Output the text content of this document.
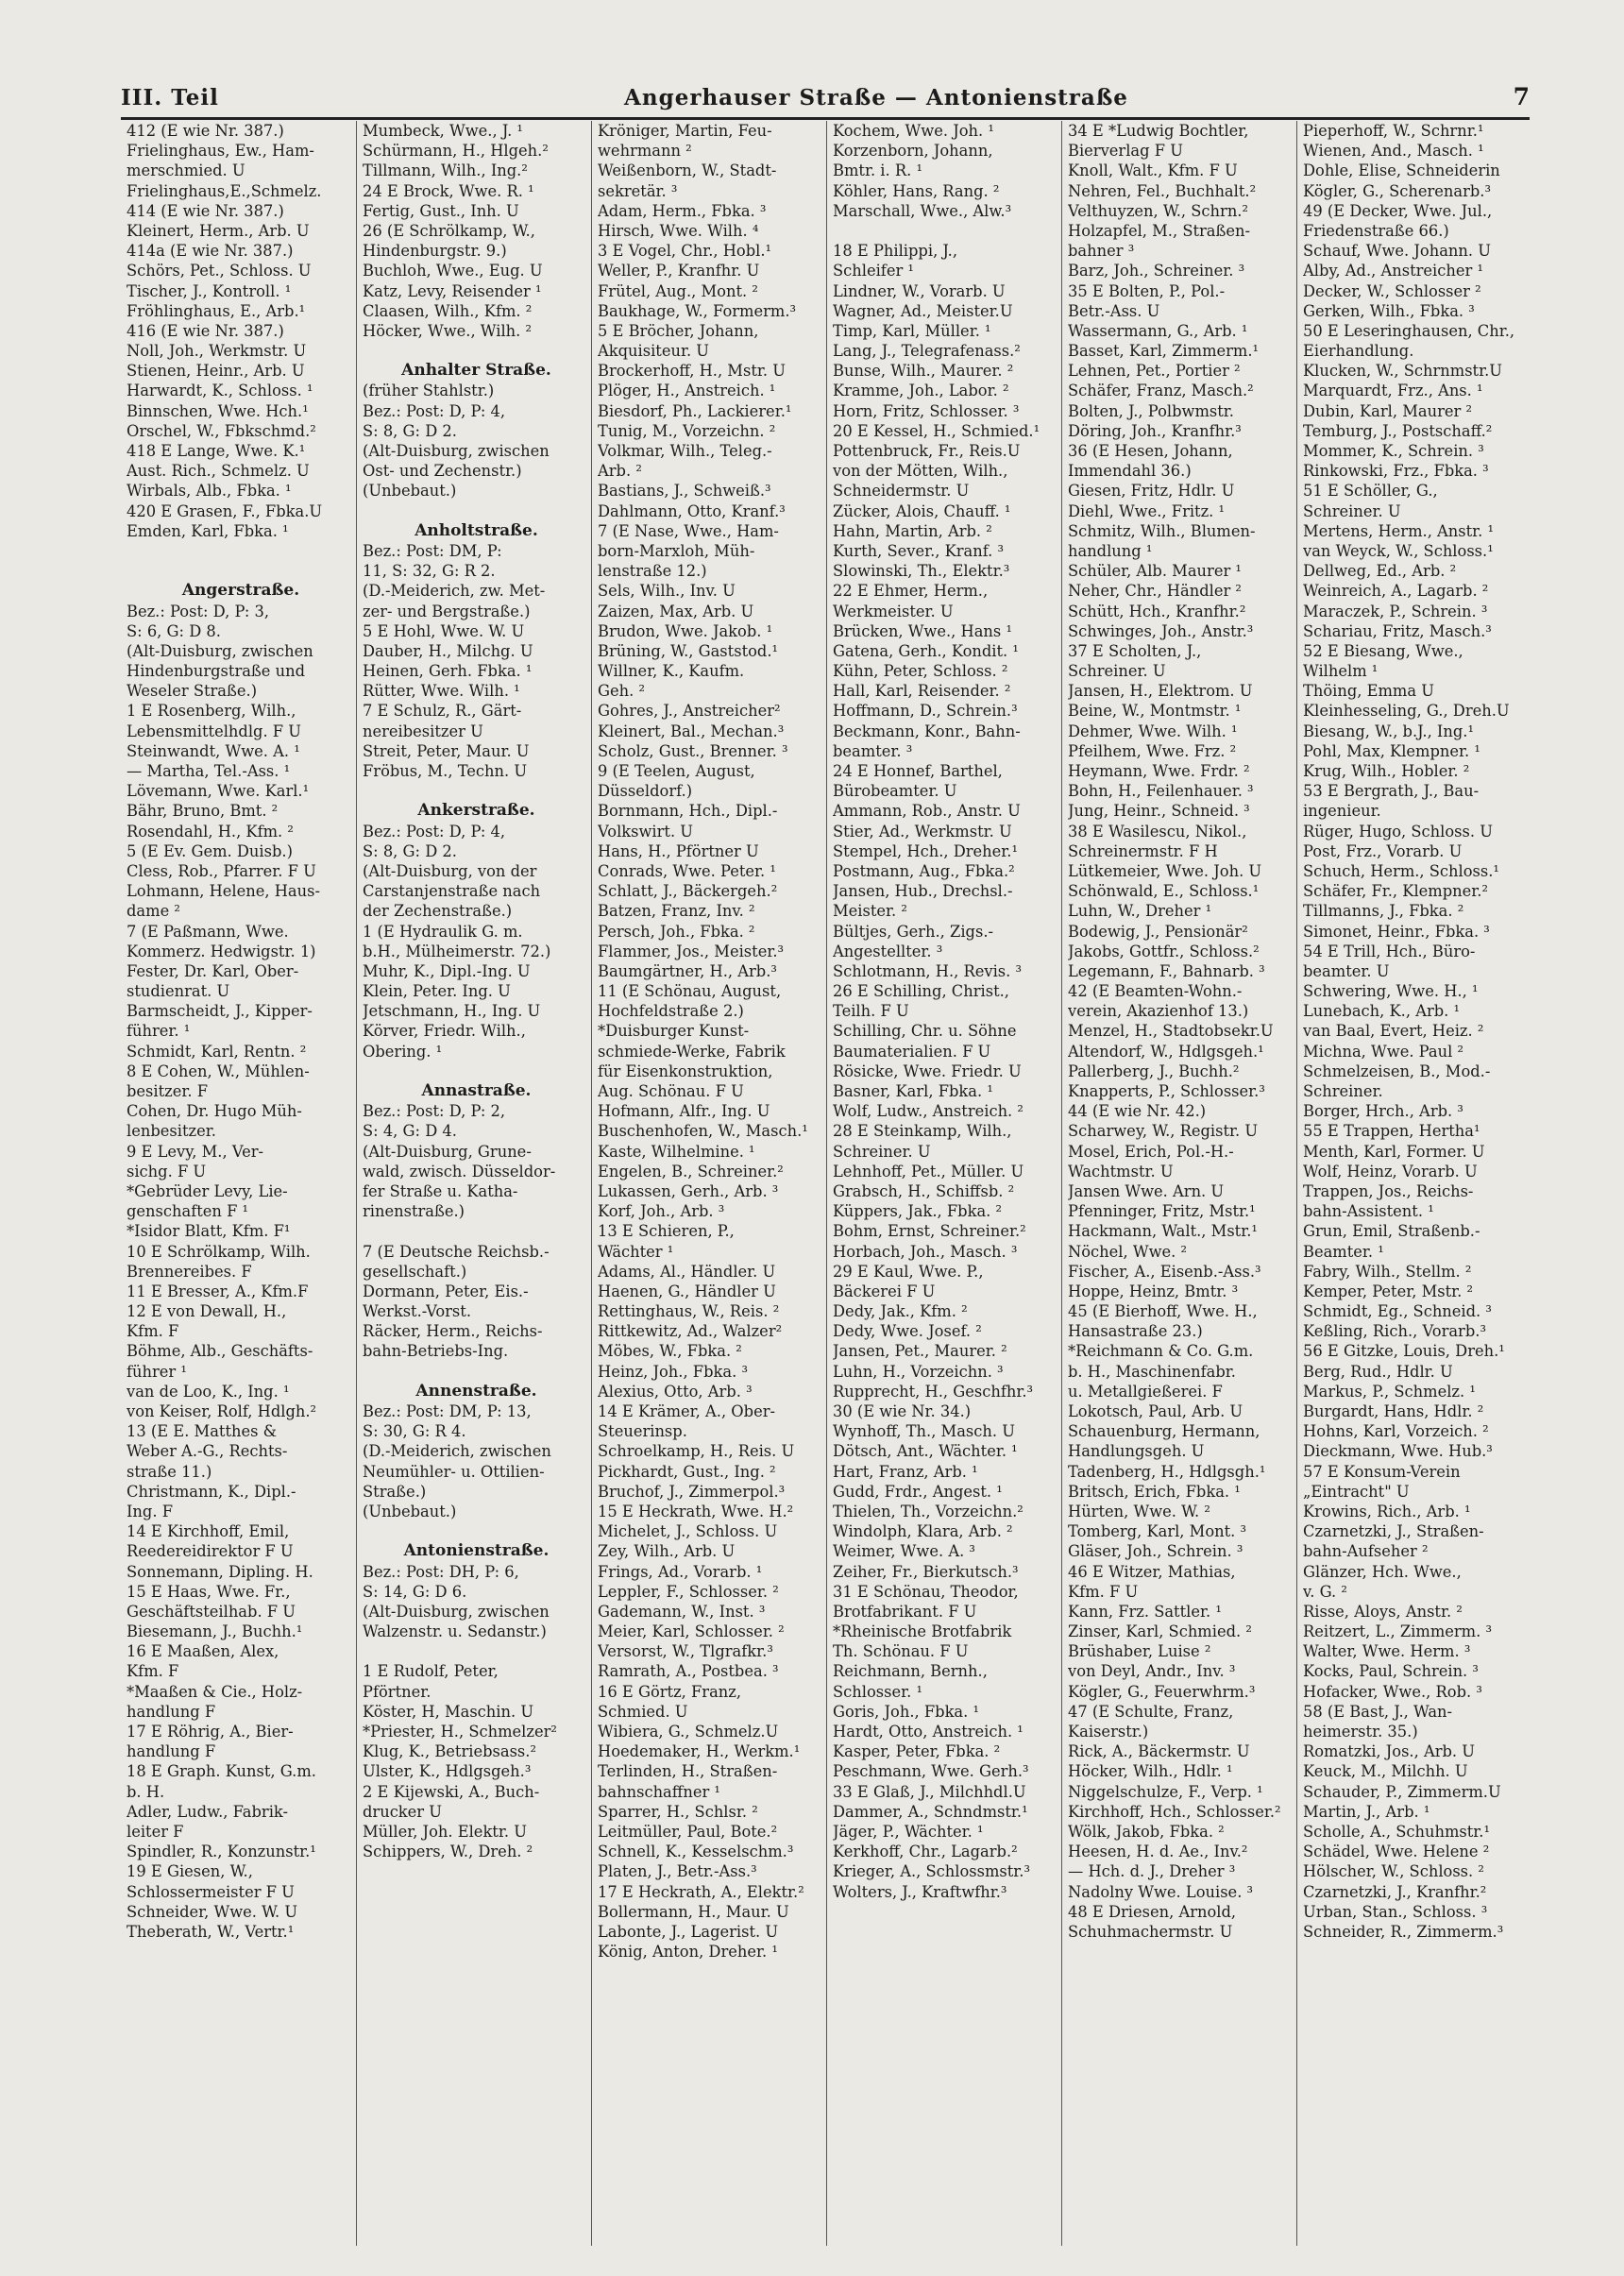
III. Teil	Angerhauser Straße — Antonienstraße	7
412 (E wie Nr. 387.)
Frielinghaus, Ew., Ham-
merschmied. U
Frielinghaus,E.,Schmelz.
414 (E wie Nr. 387.)
Kleinert, Herm., Arb. U
414a (E wie Nr. 387.)
Schörs, Pet., Schloss. U
Tischer, J., Kontroll. ¹
Fröhlinghaus, E., Arb.¹
416 (E wie Nr. 387.)
Noll, Joh., Werkmstr. U
Stienen, Heinr., Arb. U
Harwardt, K., Schloss. ¹
Binnschen, Wwe. Hch.¹
Orschel, W., Fbkschmd.²
418 E Lange, Wwe. K.¹
Aust. Rich., Schmelz. U
Wirbals, Alb., Fbka. ¹
420 E Grasen, F., Fbka.U
Emden, Karl, Fbka. ¹
Angerstraße.
Bez.: Post: D, P: 3,
S: 6, G: D 8.
(Alt-Duisburg, zwischen
Hindenburgstraße und
Weseler Straße.)
1 E Rosenberg, Wilh.,
Lebensmittelhdlg. F U
Steinwandt, Wwe. A. ¹
— Martha, Tel.-Ass. ¹
Lövemann, Wwe. Karl.¹
Bähr, Bruno, Bmt. ²
Rosendahl, H., Kfm. ²
5 (E Ev. Gem. Duisb.)
Cless, Rob., Pfarrer. F U
Lohmann, Helene, Haus-
dame ²
7 (E Paßmann, Wwe.
Kommerz. Hedwigstr. 1)
Fester, Dr. Karl, Ober-
studienrat. U
Barmscheidt, J., Kipper-
führer. ¹
Schmidt, Karl, Rentn. ²
8 E Cohen, W., Mühlen-
besitzer. F
Cohen, Dr. Hugo Müh-
lenbesitzer.
9 E Levy, M., Ver-
sichg. F U
*Gebrüder Levy, Lie-
genschaften F ¹
*Isidor Blatt, Kfm. F¹
10 E Schrölkamp, Wilh.
Brennereibes. F
11 E Bresser, A., Kfm.F
12 E von Dewall, H.,
Kfm. F
Böhme, Alb., Geschäfts-
führer ¹
van de Loo, K., Ing. ¹
von Keiser, Rolf, Hdlgh.²
13 (E E. Matthes &
Weber A.-G., Rechts-
straße 11.)
Christmann, K., Dipl.-
Ing. F
14 E Kirchhoff, Emil,
Reedereidirektor F U
Sonnemann, Dipling. H.
15 E Haas, Wwe. Fr.,
Geschäftsteilhab. F U
Biesemann, J., Buchh.¹
16 E Maaßen, Alex,
Kfm. F
*Maaßen & Cie., Holz-
handlung F
17 E Röhrig, A., Bier-
handlung F
18 E Graph. Kunst, G.m.
b. H.
Adler, Ludw., Fabrik-
leiter F
Spindler, R., Konzunstr.¹
19 E Giesen, W.,
Schlossermeister F U
Schneider, Wwe. W. U
Theberath, W., Vertr.¹
Mumbeck, Wwe., J. ¹
Schürmann, H., Hlgeh.²
Tillmann, Wilh., Ing.²
24 E Brock, Wwe. R. ¹
Fertig, Gust., Inh. U
26 (E Schrölkamp, W.,
Hindenburgstr. 9.)
Buchloh, Wwe., Eug. U
Katz, Levy, Reisender ¹
Claasen, Wilh., Kfm. ²
Höcker, Wwe., Wilh. ²
Anhalter Straße.
(früher Stahlstr.)
Bez.: Post: D, P: 4,
S: 8, G: D 2.
(Alt-Duisburg, zwischen
Ost- und Zechenstr.)
(Unbebaut.)
Anholtstraße.
Bez.: Post: DM, P:
11, S: 32, G: R 2.
(D.-Meiderich, zw. Met-
zer- und Bergstraße.)
5 E Hohl, Wwe. W. U
Dauber, H., Milchg. U
Heinen, Gerh. Fbka. ¹
Rütter, Wwe. Wilh. ¹
7 E Schulz, R., Gärt-
nereibesitzer U
Streit, Peter, Maur. U
Fröbus, M., Techn. U
Ankerstraße.
Bez.: Post: D, P: 4,
S: 8, G: D 2.
(Alt-Duisburg, von der
Carstanjenstraße nach
der Zechenstraße.)
1 (E Hydraulik G. m.
b.H., Mülheimerstr. 72.)
Muhr, K., Dipl.-Ing. U
Klein, Peter. Ing. U
Jetschmann, H., Ing. U
Körver, Friedr. Wilh.,
Obering. ¹
Annastraße.
Bez.: Post: D, P: 2,
S: 4, G: D 4.
(Alt-Duisburg, Grune-
wald, zwisch. Düsseldor-
fer Straße u. Katha-
rinenstraße.)
7 (E Deutsche Reichsb.-
gesellschaft.)
Dormann, Peter, Eis.-
Werkst.-Vorst.
Räcker, Herm., Reichs-
bahn-Betriebs-Ing.
Annenstraße.
Bez.: Post: DM, P: 13,
S: 30, G: R 4.
(D.-Meiderich, zwischen
Neumühler- u. Ottilien-
Straße.)
(Unbebaut.)
Antonienstraße.
Bez.: Post: DH, P: 6,
S: 14, G: D 6.
(Alt-Duisburg, zwischen
Walzenstr. u. Sedanstr.)
1 E Rudolf, Peter,
Pförtner.
Köster, H, Maschin. U
*Priester, H., Schmelzer²
Klug, K., Betriebsass.²
Ulster, K., Hdlgsgeh.³
2 E Kijewski, A., Buch-
drucker U
Müller, Joh. Elektr. U
Schippers, W., Dreh. ²
Kröniger, Martin, Feu-
wehrmann ²
Weißenborn, W., Stadt-
sekretär. ³
Adam, Herm., Fbka. ³
Hirsch, Wwe. Wilh. ⁴
3 E Vogel, Chr., Hobl.¹
Weller, P., Kranfhr. U
Frütel, Aug., Mont. ²
Baukhage, W., Formerm.³
5 E Bröcher, Johann,
Akquisiteur. U
Brockerhoff, H., Mstr. U
Plöger, H., Anstreich. ¹
Biesdorf, Ph., Lackierer.¹
Tunig, M., Vorzeichn. ²
Volkmar, Wilh., Teleg.-
Arb. ²
Bastians, J., Schweiß.³
Dahlmann, Otto, Kranf.³
7 (E Nase, Wwe., Ham-
born-Marxloh, Müh-
lenstraße 12.)
Sels, Wilh., Inv. U
Zaizen, Max, Arb. U
Brudon, Wwe. Jakob. ¹
Brüning, W., Gaststod.¹
Willner, K., Kaufm.
Geh. ²
Gohres, J., Anstreicher²
Kleinert, Bal., Mechan.³
Scholz, Gust., Brenner. ³
9 (E Teelen, August,
Düsseldorf.)
Bornmann, Hch., Dipl.-
Volkswirt. U
Hans, H., Pförtner U
Conrads, Wwe. Peter. ¹
Schlatt, J., Bäckergeh.²
Batzen, Franz, Inv. ²
Persch, Joh., Fbka. ²
Flammer, Jos., Meister.³
Baumgärtner, H., Arb.³
11 (E Schönau, August,
Hochfeldstraße 2.)
*Duisburger Kunst-
schmiede-Werke, Fabrik
für Eisenkonstruktion,
Aug. Schönau. F U
Hofmann, Alfr., Ing. U
Buschenhofen, W., Masch.¹
Kaste, Wilhelmine. ¹
Engelen, B., Schreiner.²
Lukassen, Gerh., Arb. ³
Korf, Joh., Arb. ³
13 E Schieren, P.,
Wächter ¹
Adams, Al., Händler. U
Haenen, G., Händler U
Rettinghaus, W., Reis. ²
Rittkewitz, Ad., Walzer²
Möbes, W., Fbka. ²
Heinz, Joh., Fbka. ³
Alexius, Otto, Arb. ³
14 E Krämer, A., Ober-
Steuerinsp.
Schroelkamp, H., Reis. U
Pickhardt, Gust., Ing. ²
Bruchof, J., Zimmerpol.³
15 E Heckrath, Wwe. H.²
Michelet, J., Schloss. U
Zey, Wilh., Arb. U
Frings, Ad., Vorarb. ¹
Leppler, F., Schlosser. ²
Gademann, W., Inst. ³
Meier, Karl, Schlosser. ²
Versorst, W., Tlgrafkr.³
Ramrath, A., Postbea. ³
16 E Görtz, Franz,
Schmied. U
Wibiera, G., Schmelz.U
Hoedemaker, H., Werkm.¹
Terlinden, H., Straßen-
bahnschaffner ¹
Sparrer, H., Schlsr. ²
Leitmüller, Paul, Bote.²
Schnell, K., Kesselschm.³
Platen, J., Betr.-Ass.³
17 E Heckrath, A., Elektr.²
Bollermann, H., Maur. U
Labonte, J., Lagerist. U
König, Anton, Dreher. ¹
Kochem, Wwe. Joh. ¹
Korzenborn, Johann,
Bmtr. i. R. ¹
Köhler, Hans, Rang. ²
Marschall, Wwe., Alw.³
18 E Philippi, J.,
Schleifer ¹
Lindner, W., Vorarb. U
Wagner, Ad., Meister.U
Timp, Karl, Müller. ¹
Lang, J., Telegrafenass.²
Bunse, Wilh., Maurer. ²
Kramme, Joh., Labor. ²
Horn, Fritz, Schlosser. ³
20 E Kessel, H., Schmied.¹
Pottenbruck, Fr., Reis.U
von der Mötten, Wilh.,
Schneidermstr. U
Zücker, Alois, Chauff. ¹
Hahn, Martin, Arb. ²
Kurth, Sever., Kranf. ³
Slowinski, Th., Elektr.³
22 E Ehmer, Herm.,
Werkmeister. U
Brücken, Wwe., Hans ¹
Gatena, Gerh., Kondit. ¹
Kühn, Peter, Schloss. ²
Hall, Karl, Reisender. ²
Hoffmann, D., Schrein.³
Beckmann, Konr., Bahn-
beamter. ³
24 E Honnef, Barthel,
Bürobeamter. U
Ammann, Rob., Anstr. U
Stier, Ad., Werkmstr. U
Stempel, Hch., Dreher.¹
Postmann, Aug., Fbka.²
Jansen, Hub., Drechsl.-
Meister. ²
Bültjes, Gerh., Zigs.-
Angestellter. ³
Schlotmann, H., Revis. ³
26 E Schilling, Christ.,
Teilh. F U
Schilling, Chr. u. Söhne
Baumaterialien. F U
Rösicke, Wwe. Friedr. U
Basner, Karl, Fbka. ¹
Wolf, Ludw., Anstreich. ²
28 E Steinkamp, Wilh.,
Schreiner. U
Lehnhoff, Pet., Müller. U
Grabsch, H., Schiffsb. ²
Küppers, Jak., Fbka. ²
Bohm, Ernst, Schreiner.²
Horbach, Joh., Masch. ³
29 E Kaul, Wwe. P.,
Bäckerei F U
Dedy, Jak., Kfm. ²
Dedy, Wwe. Josef. ²
Jansen, Pet., Maurer. ²
Luhn, H., Vorzeichn. ³
Rupprecht, H., Geschfhr.³
30 (E wie Nr. 34.)
Wynhoff, Th., Masch. U
Dötsch, Ant., Wächter. ¹
Hart, Franz, Arb. ¹
Gudd, Frdr., Angest. ¹
Thielen, Th., Vorzeichn.²
Windolph, Klara, Arb. ²
Weimer, Wwe. A. ³
Zeiher, Fr., Bierkutsch.³
31 E Schönau, Theodor,
Brotfabrikant. F U
*Rheinische Brotfabrik
Th. Schönau. F U
Reichmann, Bernh.,
Schlosser. ¹
Goris, Joh., Fbka. ¹
Hardt, Otto, Anstreich. ¹
Kasper, Peter, Fbka. ²
Peschmann, Wwe. Gerh.³
33 E Glaß, J., Milchhdl.U
Dammer, A., Schndmstr.¹
Jäger, P., Wächter. ¹
Kerkhoff, Chr., Lagarb.²
Krieger, A., Schlossmstr.³
Wolters, J., Kraftwfhr.³
34 E *Ludwig Bochtler,
Bierverlag F U
Knoll, Walt., Kfm. F U
Nehren, Fel., Buchhalt.²
Velthuyzen, W., Schrn.²
Holzapfel, M., Straßen-
bahner ³
Barz, Joh., Schreiner. ³
35 E Bolten, P., Pol.-
Betr.-Ass. U
Wassermann, G., Arb. ¹
Basset, Karl, Zimmerm.¹
Lehnen, Pet., Portier ²
Schäfer, Franz, Masch.²
Bolten, J., Polbwmstr.
Döring, Joh., Kranfhr.³
36 (E Hesen, Johann,
Immendahl 36.)
Giesen, Fritz, Hdlr. U
Diehl, Wwe., Fritz. ¹
Schmitz, Wilh., Blumen-
handlung ¹
Schüler, Alb. Maurer ¹
Neher, Chr., Händler ²
Schütt, Hch., Kranfhr.²
Schwinges, Joh., Anstr.³
37 E Scholten, J.,
Schreiner. U
Jansen, H., Elektrom. U
Beine, W., Montmstr. ¹
Dehmer, Wwe. Wilh. ¹
Pfeilhem, Wwe. Frz. ²
Heymann, Wwe. Frdr. ²
Bohn, H., Feilenhauer. ³
Jung, Heinr., Schneid. ³
38 E Wasilescu, Nikol.,
Schreinermstr. F H
Lütkemeier, Wwe. Joh. U
Schönwald, E., Schloss.¹
Luhn, W., Dreher ¹
Bodewig, J., Pensionär²
Jakobs, Gottfr., Schloss.²
Legemann, F., Bahnarb. ³
42 (E Beamten-Wohn.-
verein, Akazienhof 13.)
Menzel, H., Stadtobsekr.U
Altendorf, W., Hdlgsgeh.¹
Pallerberg, J., Buchh.²
Knapperts, P., Schlosser.³
44 (E wie Nr. 42.)
Scharwey, W., Registr. U
Mosel, Erich, Pol.-H.-
Wachtmstr. U
Jansen Wwe. Arn. U
Pfenninger, Fritz, Mstr.¹
Hackmann, Walt., Mstr.¹
Nöchel, Wwe. ²
Fischer, A., Eisenb.-Ass.³
Hoppe, Heinz, Bmtr. ³
45 (E Bierhoff, Wwe. H.,
Hansastraße 23.)
*Reichmann & Co. G.m.
b. H., Maschinenfabr.
u. Metallgießerei. F
Lokotsch, Paul, Arb. U
Schauenburg, Hermann,
Handlungsgeh. U
Tadenberg, H., Hdlgsgh.¹
Britsch, Erich, Fbka. ¹
Hürten, Wwe. W. ²
Tomberg, Karl, Mont. ³
Gläser, Joh., Schrein. ³
46 E Witzer, Mathias,
Kfm. F U
Kann, Frz. Sattler. ¹
Zinser, Karl, Schmied. ²
Brüshaber, Luise ²
von Deyl, Andr., Inv. ³
Kögler, G., Feuerwhrm.³
47 (E Schulte, Franz,
Kaiserstr.)
Rick, A., Bäckermstr. U
Höcker, Wilh., Hdlr. ¹
Niggelschulze, F., Verp. ¹
Kirchhoff, Hch., Schlosser.²
Wölk, Jakob, Fbka. ²
Heesen, H. d. Ae., Inv.²
— Hch. d. J., Dreher ³
Nadolny Wwe. Louise. ³
48 E Driesen, Arnold,
Schuhmachermstr. U
Pieperhoff, W., Schrnr.¹
Wienen, And., Masch. ¹
Dohle, Elise, Schneiderin
Kögler, G., Scherenarb.³
49 (E Decker, Wwe. Jul.,
Friedenstraße 66.)
Schauf, Wwe. Johann. U
Alby, Ad., Anstreicher ¹
Decker, W., Schlosser ²
Gerken, Wilh., Fbka. ³
50 E Leseringhausen, Chr.,
Eierhandlung.
Klucken, W., Schrnmstr.U
Marquardt, Frz., Ans. ¹
Dubin, Karl, Maurer ²
Temburg, J., Postschaff.²
Mommer, K., Schrein. ³
Rinkowski, Frz., Fbka. ³
51 E Schöller, G.,
Schreiner. U
Mertens, Herm., Anstr. ¹
van Weyck, W., Schloss.¹
Dellweg, Ed., Arb. ²
Weinreich, A., Lagarb. ²
Maraczek, P., Schrein. ³
Schariau, Fritz, Masch.³
52 E Biesang, Wwe.,
Wilhelm ¹
Thöing, Emma U
Kleinhesseling, G., Dreh.U
Biesang, W., b.J., Ing.¹
Pohl, Max, Klempner. ¹
Krug, Wilh., Hobler. ²
53 E Bergrath, J., Bau-
ingenieur.
Rüger, Hugo, Schloss. U
Post, Frz., Vorarb. U
Schuch, Herm., Schloss.¹
Schäfer, Fr., Klempner.²
Tillmanns, J., Fbka. ²
Simonet, Heinr., Fbka. ³
54 E Trill, Hch., Büro-
beamter. U
Schwering, Wwe. H., ¹
Lunebach, K., Arb. ¹
van Baal, Evert, Heiz. ²
Michna, Wwe. Paul ²
Schmelzeisen, B., Mod.-
Schreiner.
Borger, Hrch., Arb. ³
55 E Trappen, Hertha¹
Menth, Karl, Former. U
Wolf, Heinz, Vorarb. U
Trappen, Jos., Reichs-
bahn-Assistent. ¹
Grun, Emil, Straßenb.-
Beamter. ¹
Fabry, Wilh., Stellm. ²
Kemper, Peter, Mstr. ²
Schmidt, Eg., Schneid. ³
Keßling, Rich., Vorarb.³
56 E Gitzke, Louis, Dreh.¹
Berg, Rud., Hdlr. U
Markus, P., Schmelz. ¹
Burgardt, Hans, Hdlr. ²
Hohns, Karl, Vorzeich. ²
Dieckmann, Wwe. Hub.³
57 E Konsum-Verein
„Eintracht" U
Krowins, Rich., Arb. ¹
Czarnetzki, J., Straßen-
bahn-Aufseher ²
Glänzer, Hch. Wwe.,
v. G. ²
Risse, Aloys, Anstr. ²
Reitzert, L., Zimmerm. ³
Walter, Wwe. Herm. ³
Kocks, Paul, Schrein. ³
Hofacker, Wwe., Rob. ³
58 (E Bast, J., Wan-
heimerstr. 35.)
Romatzki, Jos., Arb. U
Keuck, M., Milchh. U
Schauder, P., Zimmerm.U
Martin, J., Arb. ¹
Scholle, A., Schuhmstr.¹
Schädel, Wwe. Helene ²
Hölscher, W., Schloss. ²
Czarnetzki, J., Kranfhr.²
Urban, Stan., Schloss. ³
Schneider, R., Zimmerm.³
